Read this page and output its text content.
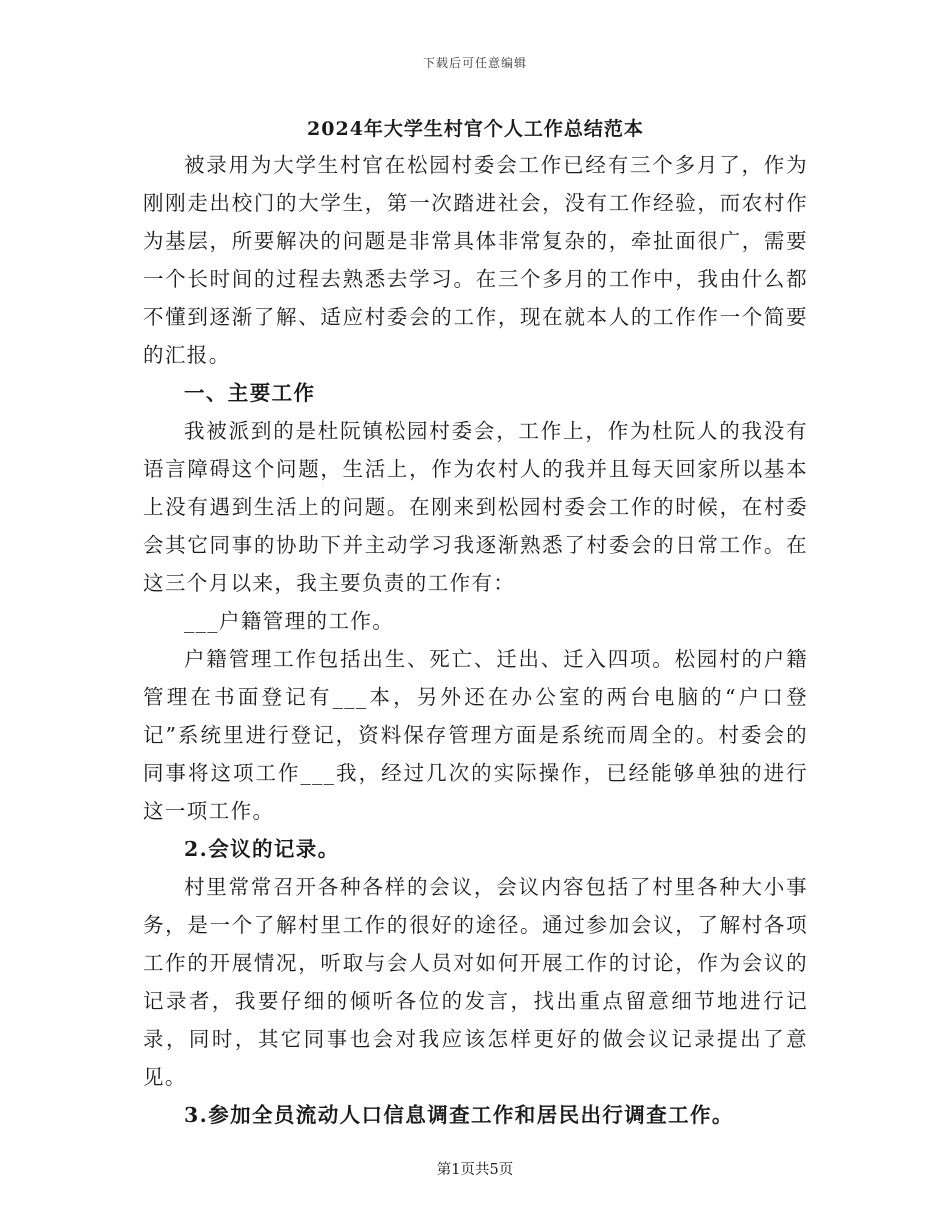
下载后可任意编辑
2024年大学生村官个人工作总结范本
被录用为大学生村官在松园村委会工作已经有三个多月了，作为刚刚走出校门的大学生，第一次踏进社会，没有工作经验，而农村作为基层，所要解决的问题是非常具体非常复杂的，牵扯面很广，需要一个长时间的过程去熟悉去学习。在三个多月的工作中，我由什么都不懂到逐渐了解、适应村委会的工作，现在就本人的工作作一个简要的汇报。
一、主要工作
我被派到的是杜阮镇松园村委会，工作上，作为杜阮人的我没有语言障碍这个问题，生活上，作为农村人的我并且每天回家所以基本上没有遇到生活上的问题。在刚来到松园村委会工作的时候，在村委会其它同事的协助下并主动学习我逐渐熟悉了村委会的日常工作。在这三个月以来，我主要负责的工作有：
___户籍管理的工作。
户籍管理工作包括出生、死亡、迁出、迁入四项。松园村的户籍管理在书面登记有___本，另外还在办公室的两台电脑的“户口登记”系统里进行登记，资料保存管理方面是系统而周全的。村委会的同事将这项工作___我，经过几次的实际操作，已经能够单独的进行这一项工作。
2.会议的记录。
村里常常召开各种各样的会议，会议内容包括了村里各种大小事务，是一个了解村里工作的很好的途径。通过参加会议，了解村各项工作的开展情况，听取与会人员对如何开展工作的讨论，作为会议的记录者，我要仔细的倾听各位的发言，找出重点留意细节地进行记录，同时，其它同事也会对我应该怎样更好的做会议记录提出了意见。
3.参加全员流动人口信息调查工作和居民出行调查工作。
第1页共5页
